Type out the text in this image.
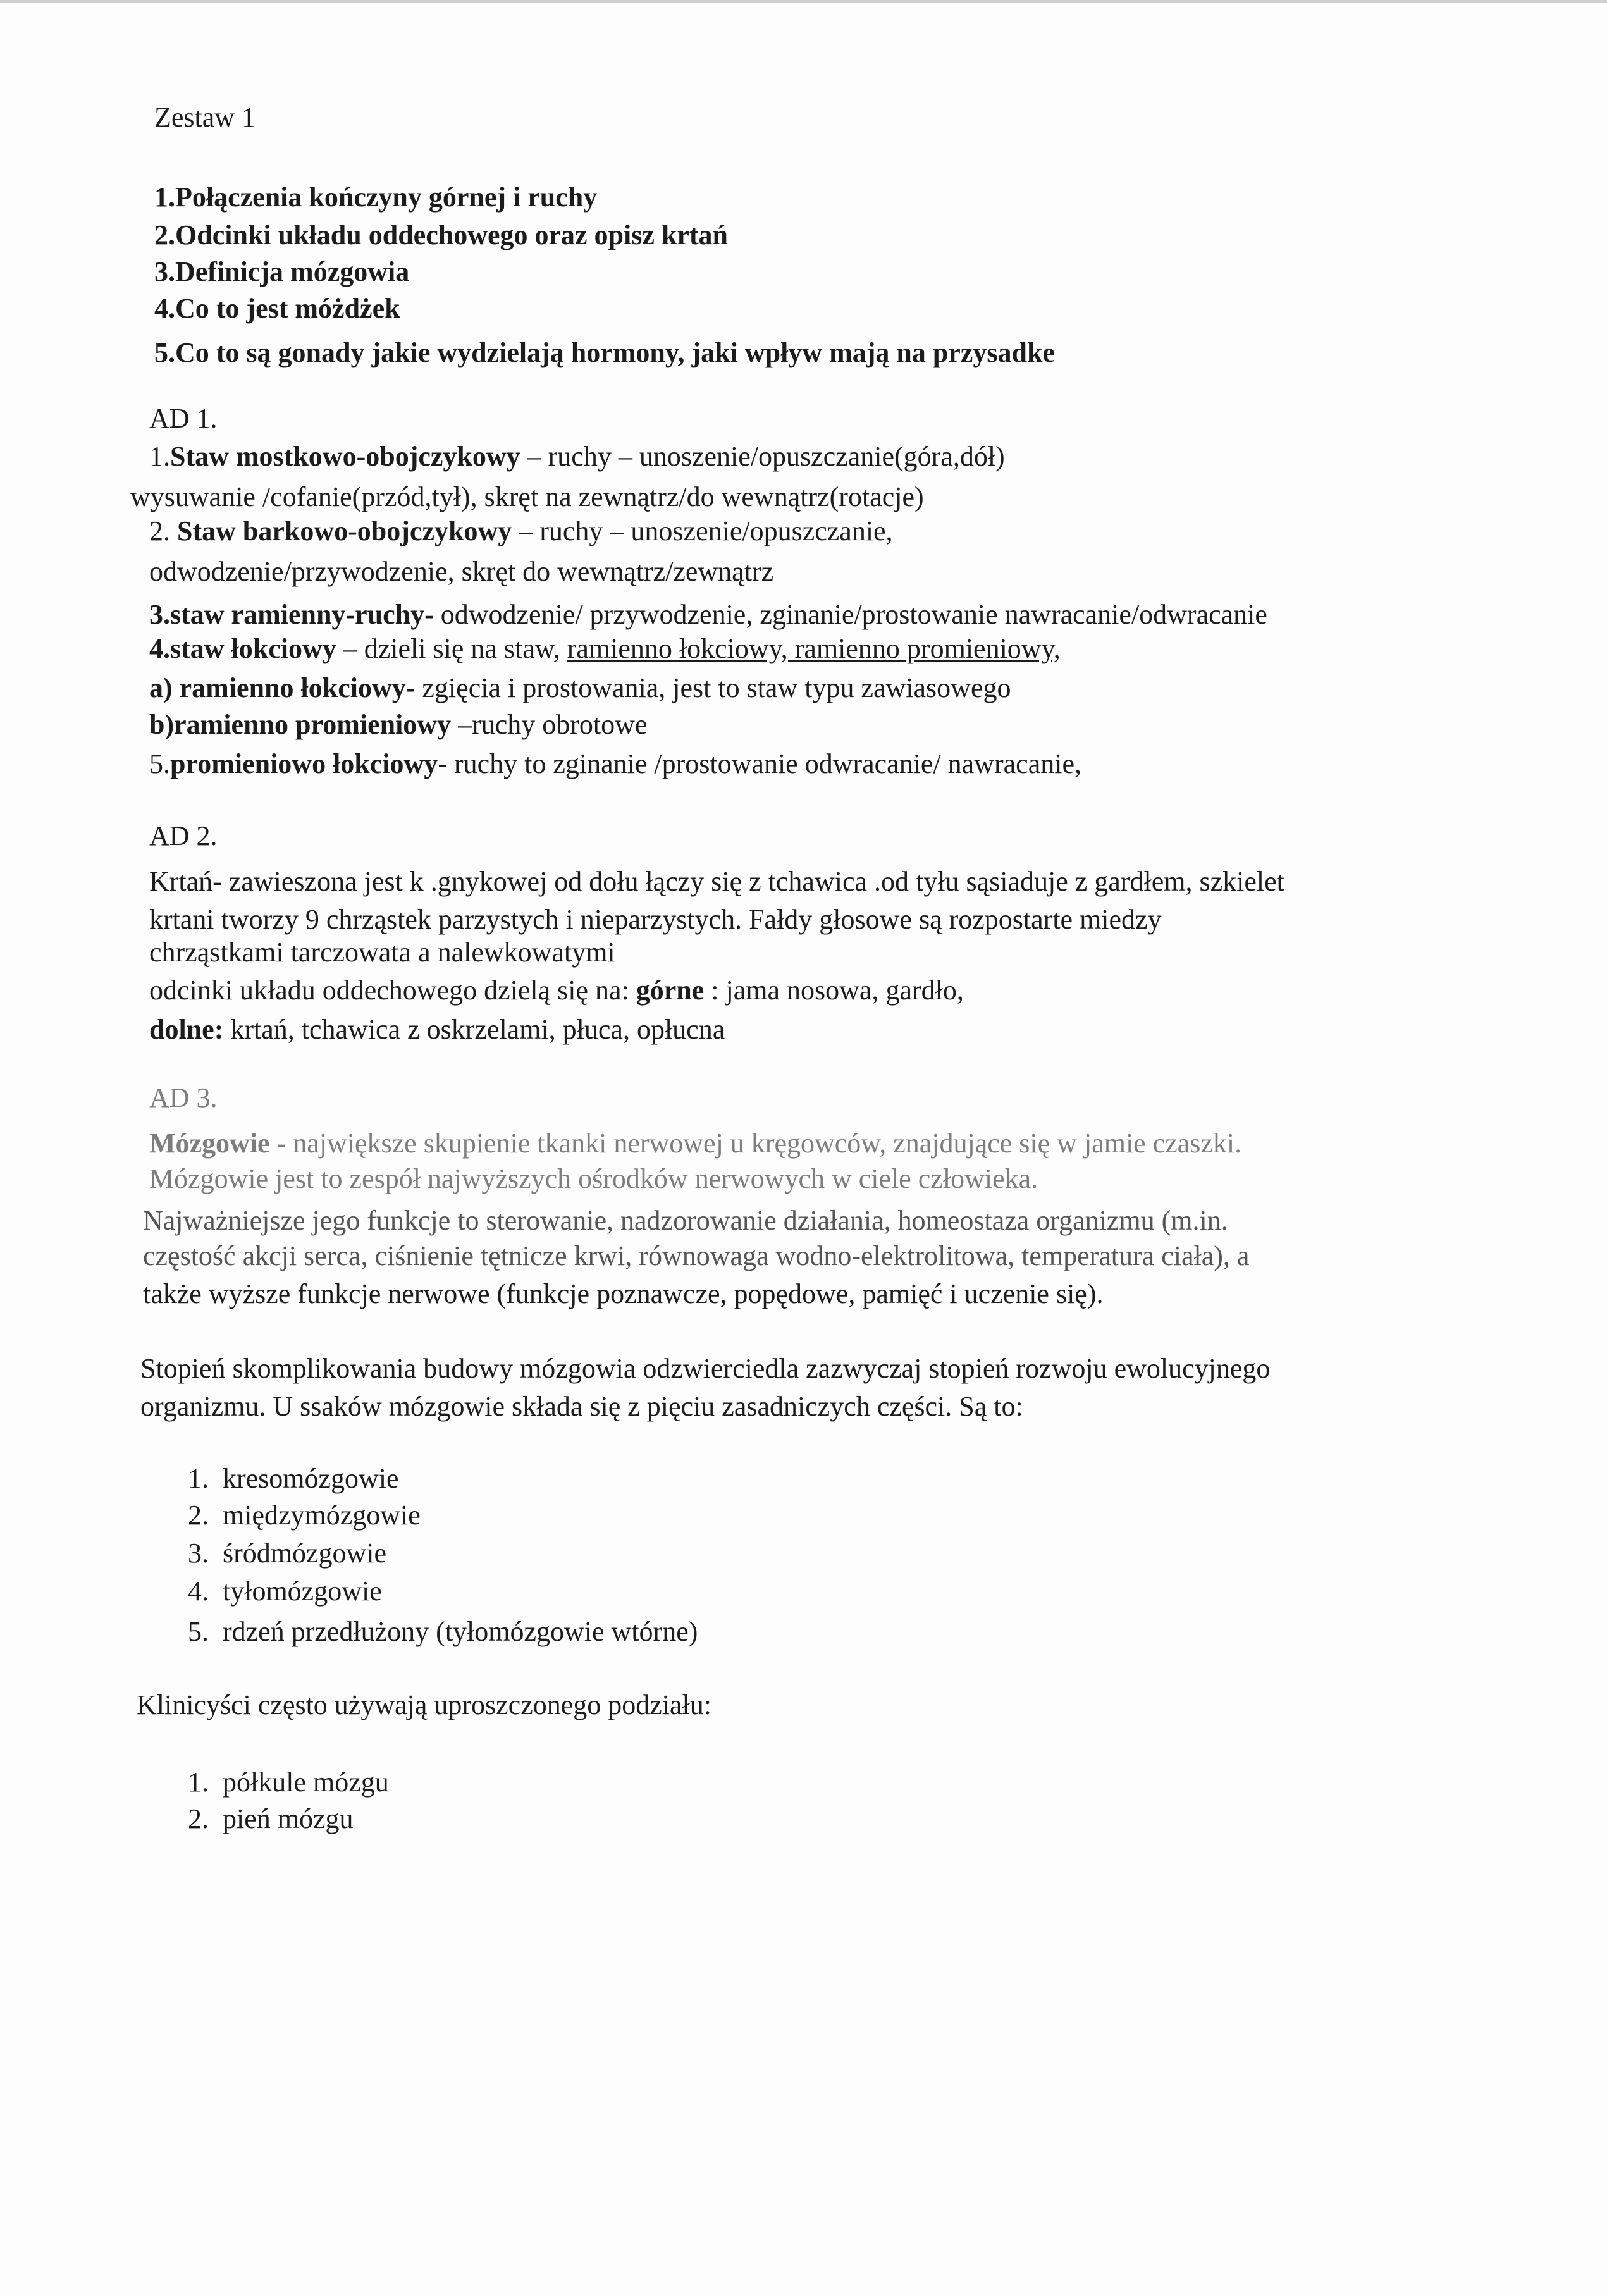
Zestaw 1
1.Połączenia kończyny górnej i ruchy
2.Odcinki układu oddechowego oraz opisz krtań
3.Definicja mózgowia
4.Co to jest móżdżek
5.Co to są gonady jakie wydzielają hormony, jaki wpływ mają na przysadke
AD 1.
1.Staw mostkowo-obojczykowy – ruchy – unoszenie/opuszczanie(góra,dół)
wysuwanie /cofanie(przód,tył), skręt na zewnątrz/do wewnątrz(rotacje)
2. Staw barkowo-obojczykowy – ruchy – unoszenie/opuszczanie,
odwodzenie/przywodzenie, skręt do wewnątrz/zewnątrz
3.staw ramienny-ruchy- odwodzenie/ przywodzenie, zginanie/prostowanie nawracanie/odwracanie
4.staw łokciowy – dzieli się na staw, ramienno łokciowy, ramienno promieniowy,
a) ramienno łokciowy- zgięcia i prostowania, jest to staw typu zawiasowego
b)ramienno promieniowy –ruchy obrotowe
5.promieniowo łokciowy- ruchy to zginanie /prostowanie odwracanie/ nawracanie,
AD 2.
Krtań- zawieszona jest k .gnykowej od dołu łączy się z tchawica .od tyłu sąsiaduje z gardłem, szkielet
krtani tworzy 9 chrząstek parzystych i nieparzystych. Fałdy głosowe są rozpostarte miedzy
chrząstkami tarczowata a nalewkowatymi
odcinki układu oddechowego dzielą się na: górne : jama nosowa, gardło,
dolne: krtań, tchawica z oskrzelami, płuca, opłucna
AD 3.
Mózgowie - największe skupienie tkanki nerwowej u kręgowców, znajdujące się w jamie czaszki.
Mózgowie jest to zespół najwyższych ośrodków nerwowych w ciele człowieka.
Najważniejsze jego funkcje to sterowanie, nadzorowanie działania, homeostaza organizmu (m.in.
częstość akcji serca, ciśnienie tętnicze krwi, równowaga wodno-elektrolitowa, temperatura ciała), a
także wyższe funkcje nerwowe (funkcje poznawcze, popędowe, pamięć i uczenie się).
Stopień skomplikowania budowy mózgowia odzwierciedla zazwyczaj stopień rozwoju ewolucyjnego
organizmu. U ssaków mózgowie składa się z pięciu zasadniczych części. Są to:
1. kresomózgowie
2. międzymózgowie
3. śródmózgowie
4. tyłomózgowie
5. rdzeń przedłużony (tyłomózgowie wtórne)
Klinicyści często używają uproszczonego podziału:
1. półkule mózgu
2. pień mózgu
